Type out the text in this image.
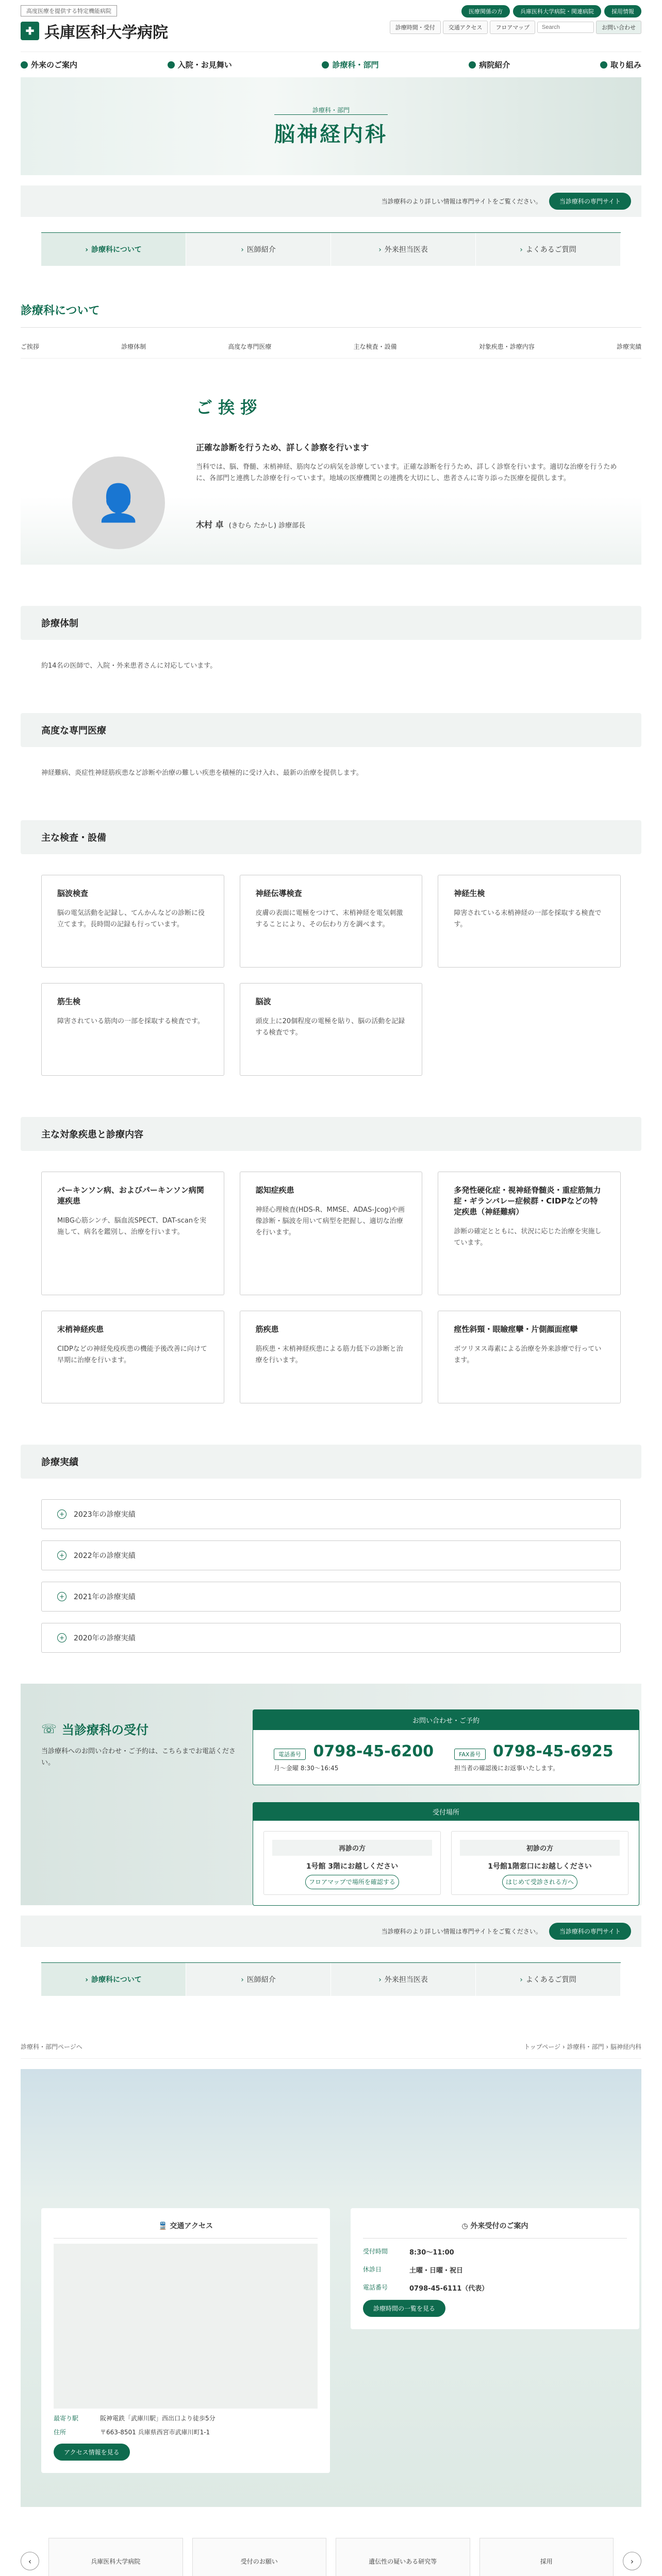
高度医療を提供する特定機能病院
✚ 兵庫医科大学病院
医療関係の方	兵庫医科大学病院・関連病院	採用情報
診療時間・受付	交通アクセス	フロアマップ
Search	お問い合わせ
外来のご案内	入院・お見舞い	診療科・部門	病院紹介	取り組み
診療科・部門
脳神経内科
当診療科のより詳しい情報は専門サイトをご覧ください。	当診療科の専門サイト
› 診療科について	› 医師紹介	› 外来担当医表	› よくあるご質問
診療科について
ご挨拶	診療体制	高度な専門医療	主な検査・設備	対象疾患・診療内容	診療実績
ご 挨 拶
👤

正確な診断を行うため、詳しく診察を行います

当科では、脳、脊髄、末梢神経、筋肉などの病気を診療しています。正確な診断を行うため、詳しく診察を行います。適切な治療を行うために、各部門と連携した診療を行っています。地域の医療機関との連携を大切にし、患者さんに寄り添った医療を提供します。

木村 卓 (きむら たかし) 診療部長

診療体制

約14名の医師で、入院・外来患者さんに対応しています。

高度な専門医療

神経難病、炎症性神経筋疾患など診断や治療の難しい疾患を積極的に受け入れ、最新の治療を提供します。

主な検査・設備
脳波検査

脳の電気活動を記録し、てんかんなどの診断に役立てます。長時間の記録も行っています。

神経伝導検査

皮膚の表面に電極をつけて、末梢神経を電気刺激することにより、その伝わり方を調べます。

神経生検

障害されている末梢神経の一部を採取する検査です。

筋生検

障害されている筋肉の一部を採取する検査です。

脳波

頭皮上に20個程度の電極を貼り、脳の活動を記録する検査です。

主な対象疾患と診療内容
パーキンソン病、およびパーキンソン病関連疾患

MIBG心筋シンチ、脳血流SPECT、DAT-scanを実施して、病名を鑑別し、治療を行います。

認知症疾患

神経心理検査(HDS-R、MMSE、ADAS-Jcog)や画像診断・脳波を用いて病型を把握し、適切な治療を行います。

多発性硬化症・視神経脊髄炎・重症筋無力症・ギランバレー症候群・CIDPなどの特定疾患（神経難病）

診断の確定とともに、状況に応じた治療を実施しています。

末梢神経疾患

CIDPなどの神経免疫疾患の機能予後改善に向けて早期に治療を行います。

筋疾患

筋疾患・末梢神経疾患による筋力低下の診断と治療を行います。

痙性斜頸・眼瞼痙攣・片側顔面痙攣

ボツリヌス毒素による治療を外来診療で行っています。

診療実績
+ 2023年の診療実績
+ 2022年の診療実績
+ 2021年の診療実績
+ 2020年の診療実績
☏ 当診療科の受付

当診療科へのお問い合わせ・ご予約は、こちらまでお電話ください。

お問い合わせ・ご予約
電話番号 0798-45-6200

月〜金曜 8:30〜16:45

FAX番号 0798-45-6925

担当者の確認後にお返事いたします。

受付場所
再診の方

1号館 3階にお越しください

フロアマップで場所を確認する
初診の方

1号館1階窓口にお越しください

はじめて受診される方へ
当診療科のより詳しい情報は専門サイトをご覧ください。	当診療科の専門サイト
› 診療科について	› 医師紹介	› 外来担当医表	› よくあるご質問
診療科・部門ページへ	トップページ › 診療科・部門 › 脳神経内科
🚆 交通アクセス
最寄り駅	阪神電鉄「武庫川駅」西出口より徒歩5分
住所	〒663-8501 兵庫県西宮市武庫川町1-1
アクセス情報を見る
◷ 外来受付のご案内
受付時間	8:30〜11:00
休診日	土曜・日曜・祝日
電話番号	0798-45-6111（代表）
診療時間の一覧を見る
‹	兵庫医科大学病院	受付のお願い	遺伝性の疑いある研究等	採用	›
